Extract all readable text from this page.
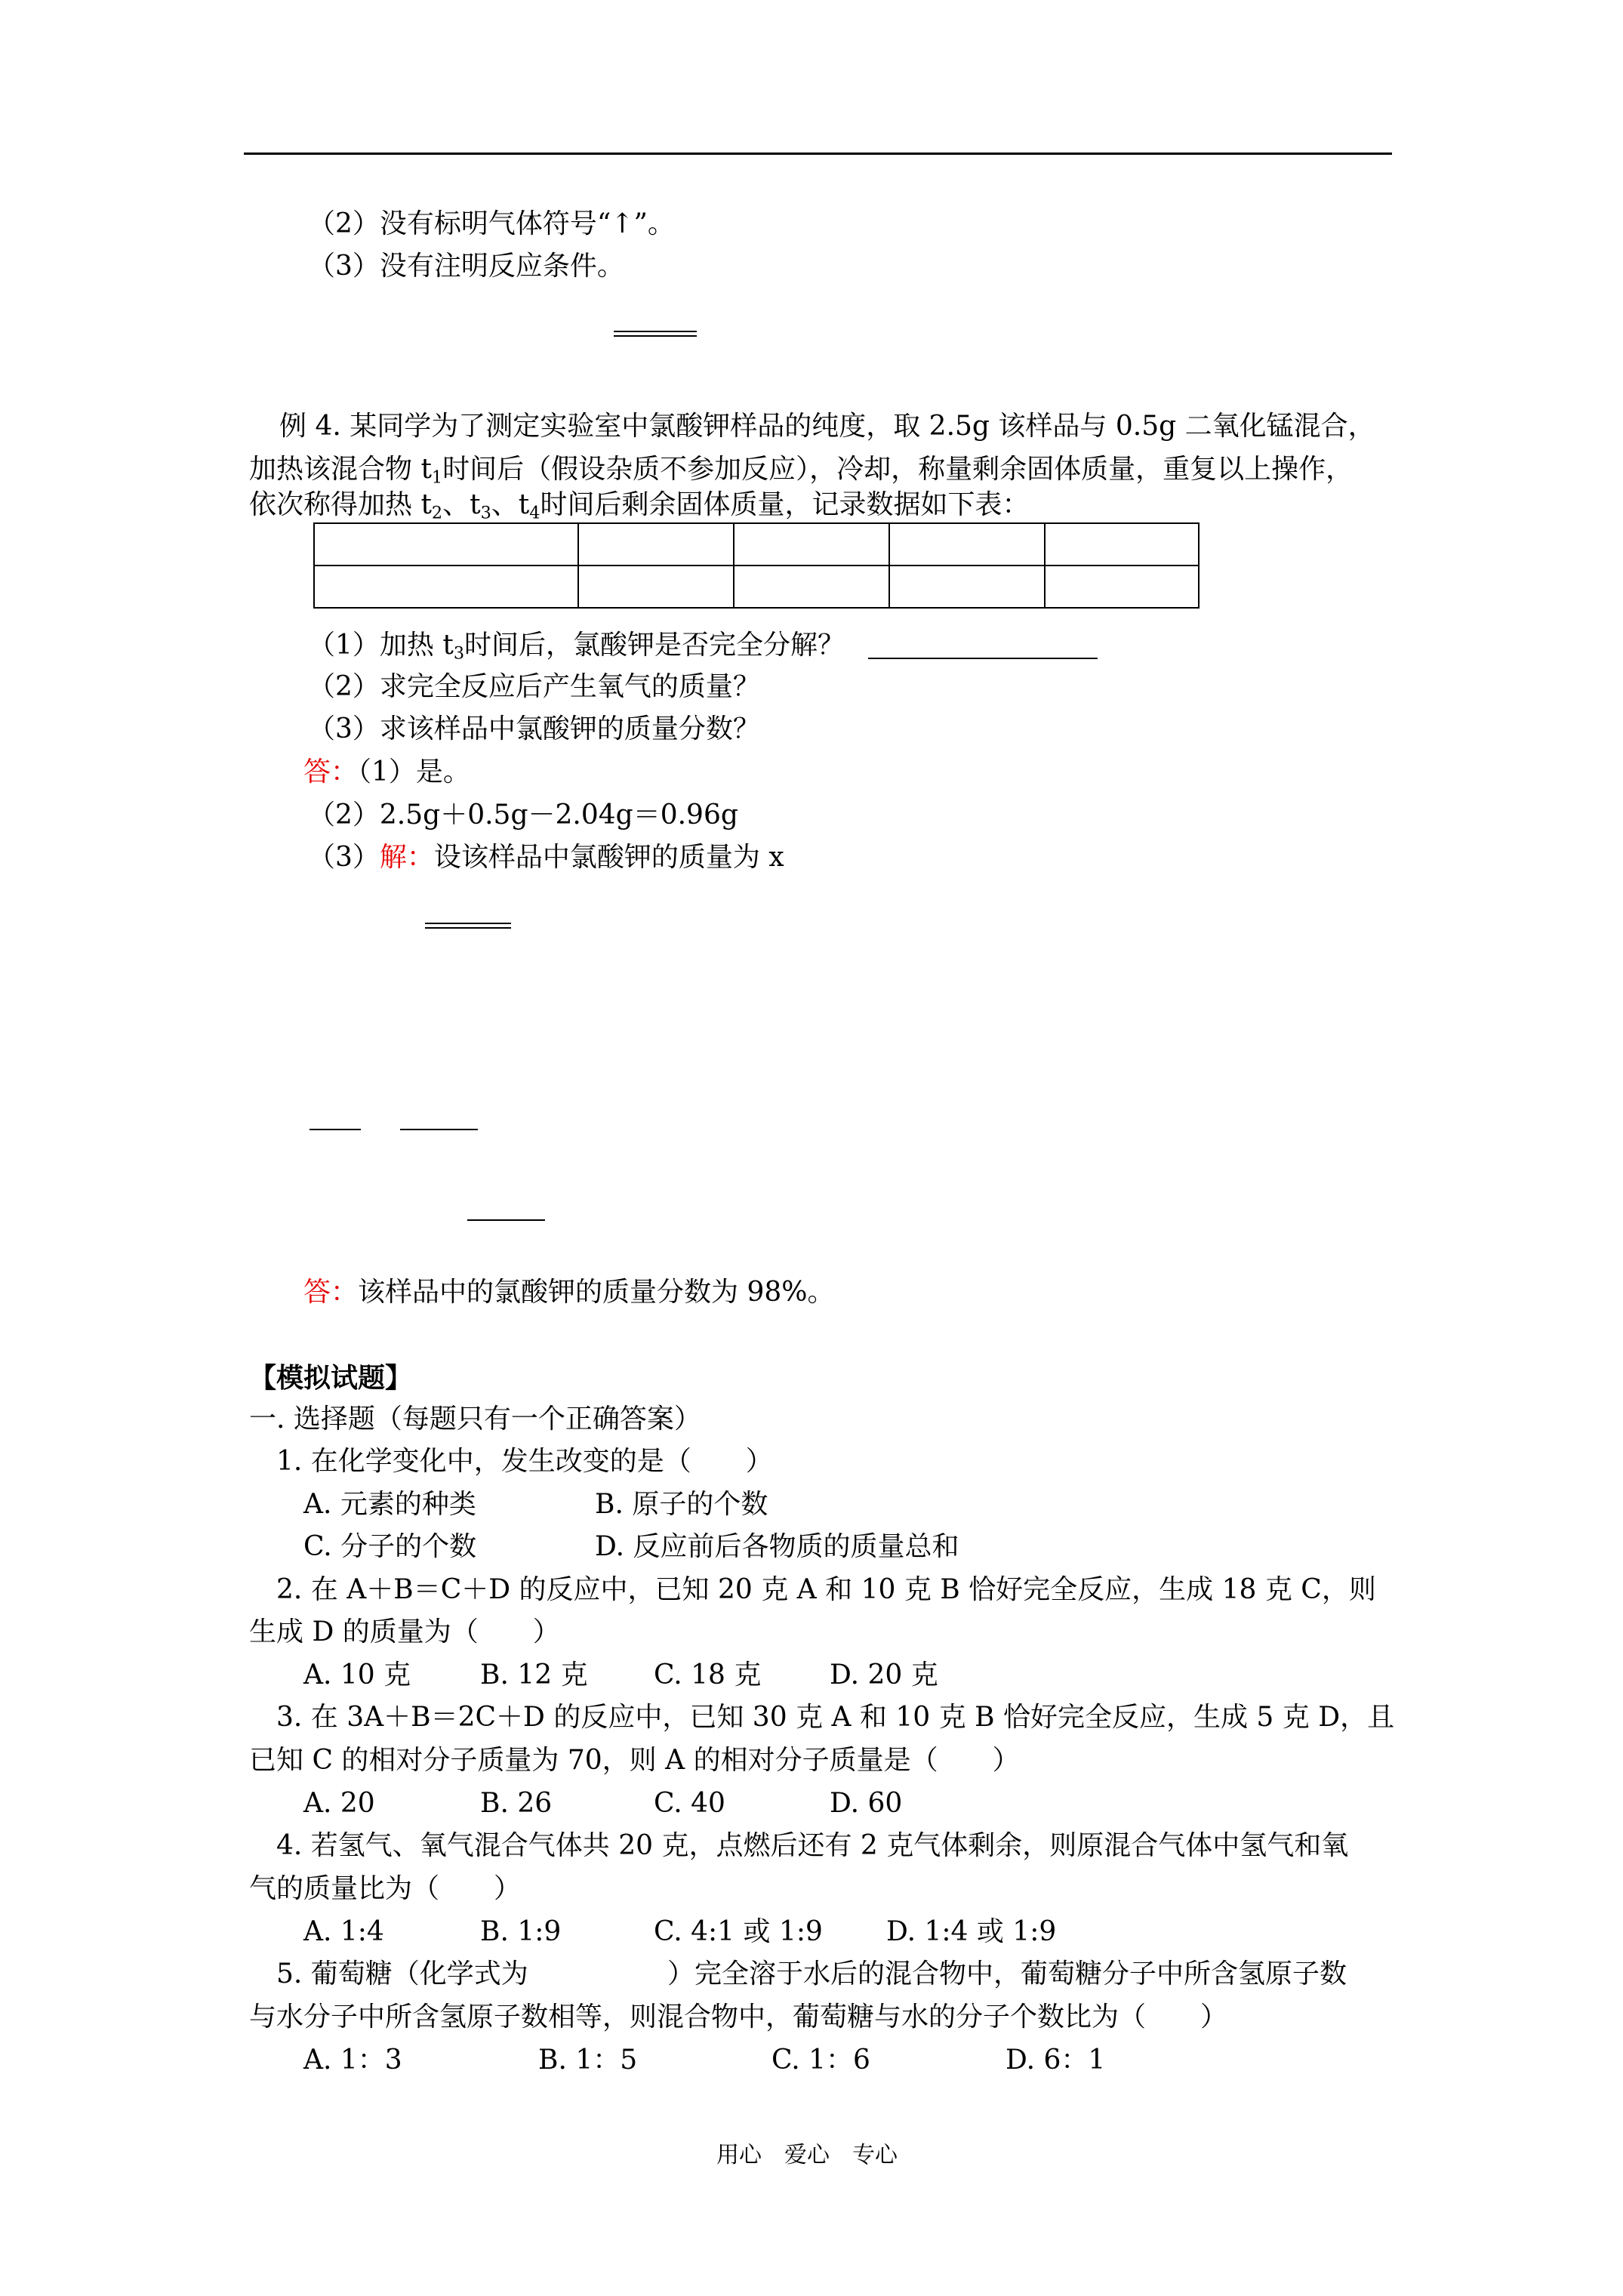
（2）没有标明气体符号“↑”。
（3）没有注明反应条件。
例 4. 某同学为了测定实验室中氯酸钾样品的纯度，取 2.5g 该样品与 0.5g 二氧化锰混合，
加热该混合物 $t_1$时间后（假设杂质不参加反应），冷却，称量剩余固体质量，重复以上操作，
依次称得加热 $t_2$、$t_3$、$t_4$时间后剩余固体质量，记录数据如下表：

（1）加热 $t_3$时间后，氯酸钾是否完全分解？
（2）求完全反应后产生氧气的质量？
（3）求该样品中氯酸钾的质量分数？
答：（1）是。
（2）2.5g＋0.5g－2.04g＝0.96g
（3）解：设该样品中氯酸钾的质量为 x
答：该样品中的氯酸钾的质量分数为 98%。
【模拟试题】
一. 选择题（每题只有一个正确答案）
1. 在化学变化中，发生改变的是（　　）
A. 元素的种类	B. 原子的个数
C. 分子的个数	D. 反应前后各物质的质量总和
2. 在 A＋B＝C＋D 的反应中，已知 20 克 A 和 10 克 B 恰好完全反应，生成 18 克 C，则
生成 D 的质量为（　　）
A. 10 克	B. 12 克 C. 18 克	D. 20 克
3. 在 3A＋B＝2C＋D 的反应中，已知 30 克 A 和 10 克 B 恰好完全反应，生成 5 克 D，且
已知 C 的相对分子质量为 70，则 A 的相对分子质量是（　　）
A. 20	B. 26	C. 40	D. 60
4. 若氢气、氧气混合气体共 20 克，点燃后还有 2 克气体剩余，则原混合气体中氢气和氧
气的质量比为（　　）
A. 1:4	B. 1:9	C. 4:1 或 1:9 D. 1:4 或 1:9
5. 葡萄糖（化学式为	）完全溶于水后的混合物中，葡萄糖分子中所含氢原子数
与水分子中所含氢原子数相等，则混合物中，葡萄糖与水的分子个数比为（　　）
A. 1：3	B. 1：5	C. 1：6	D. 6：1
用心　爱心　专心
